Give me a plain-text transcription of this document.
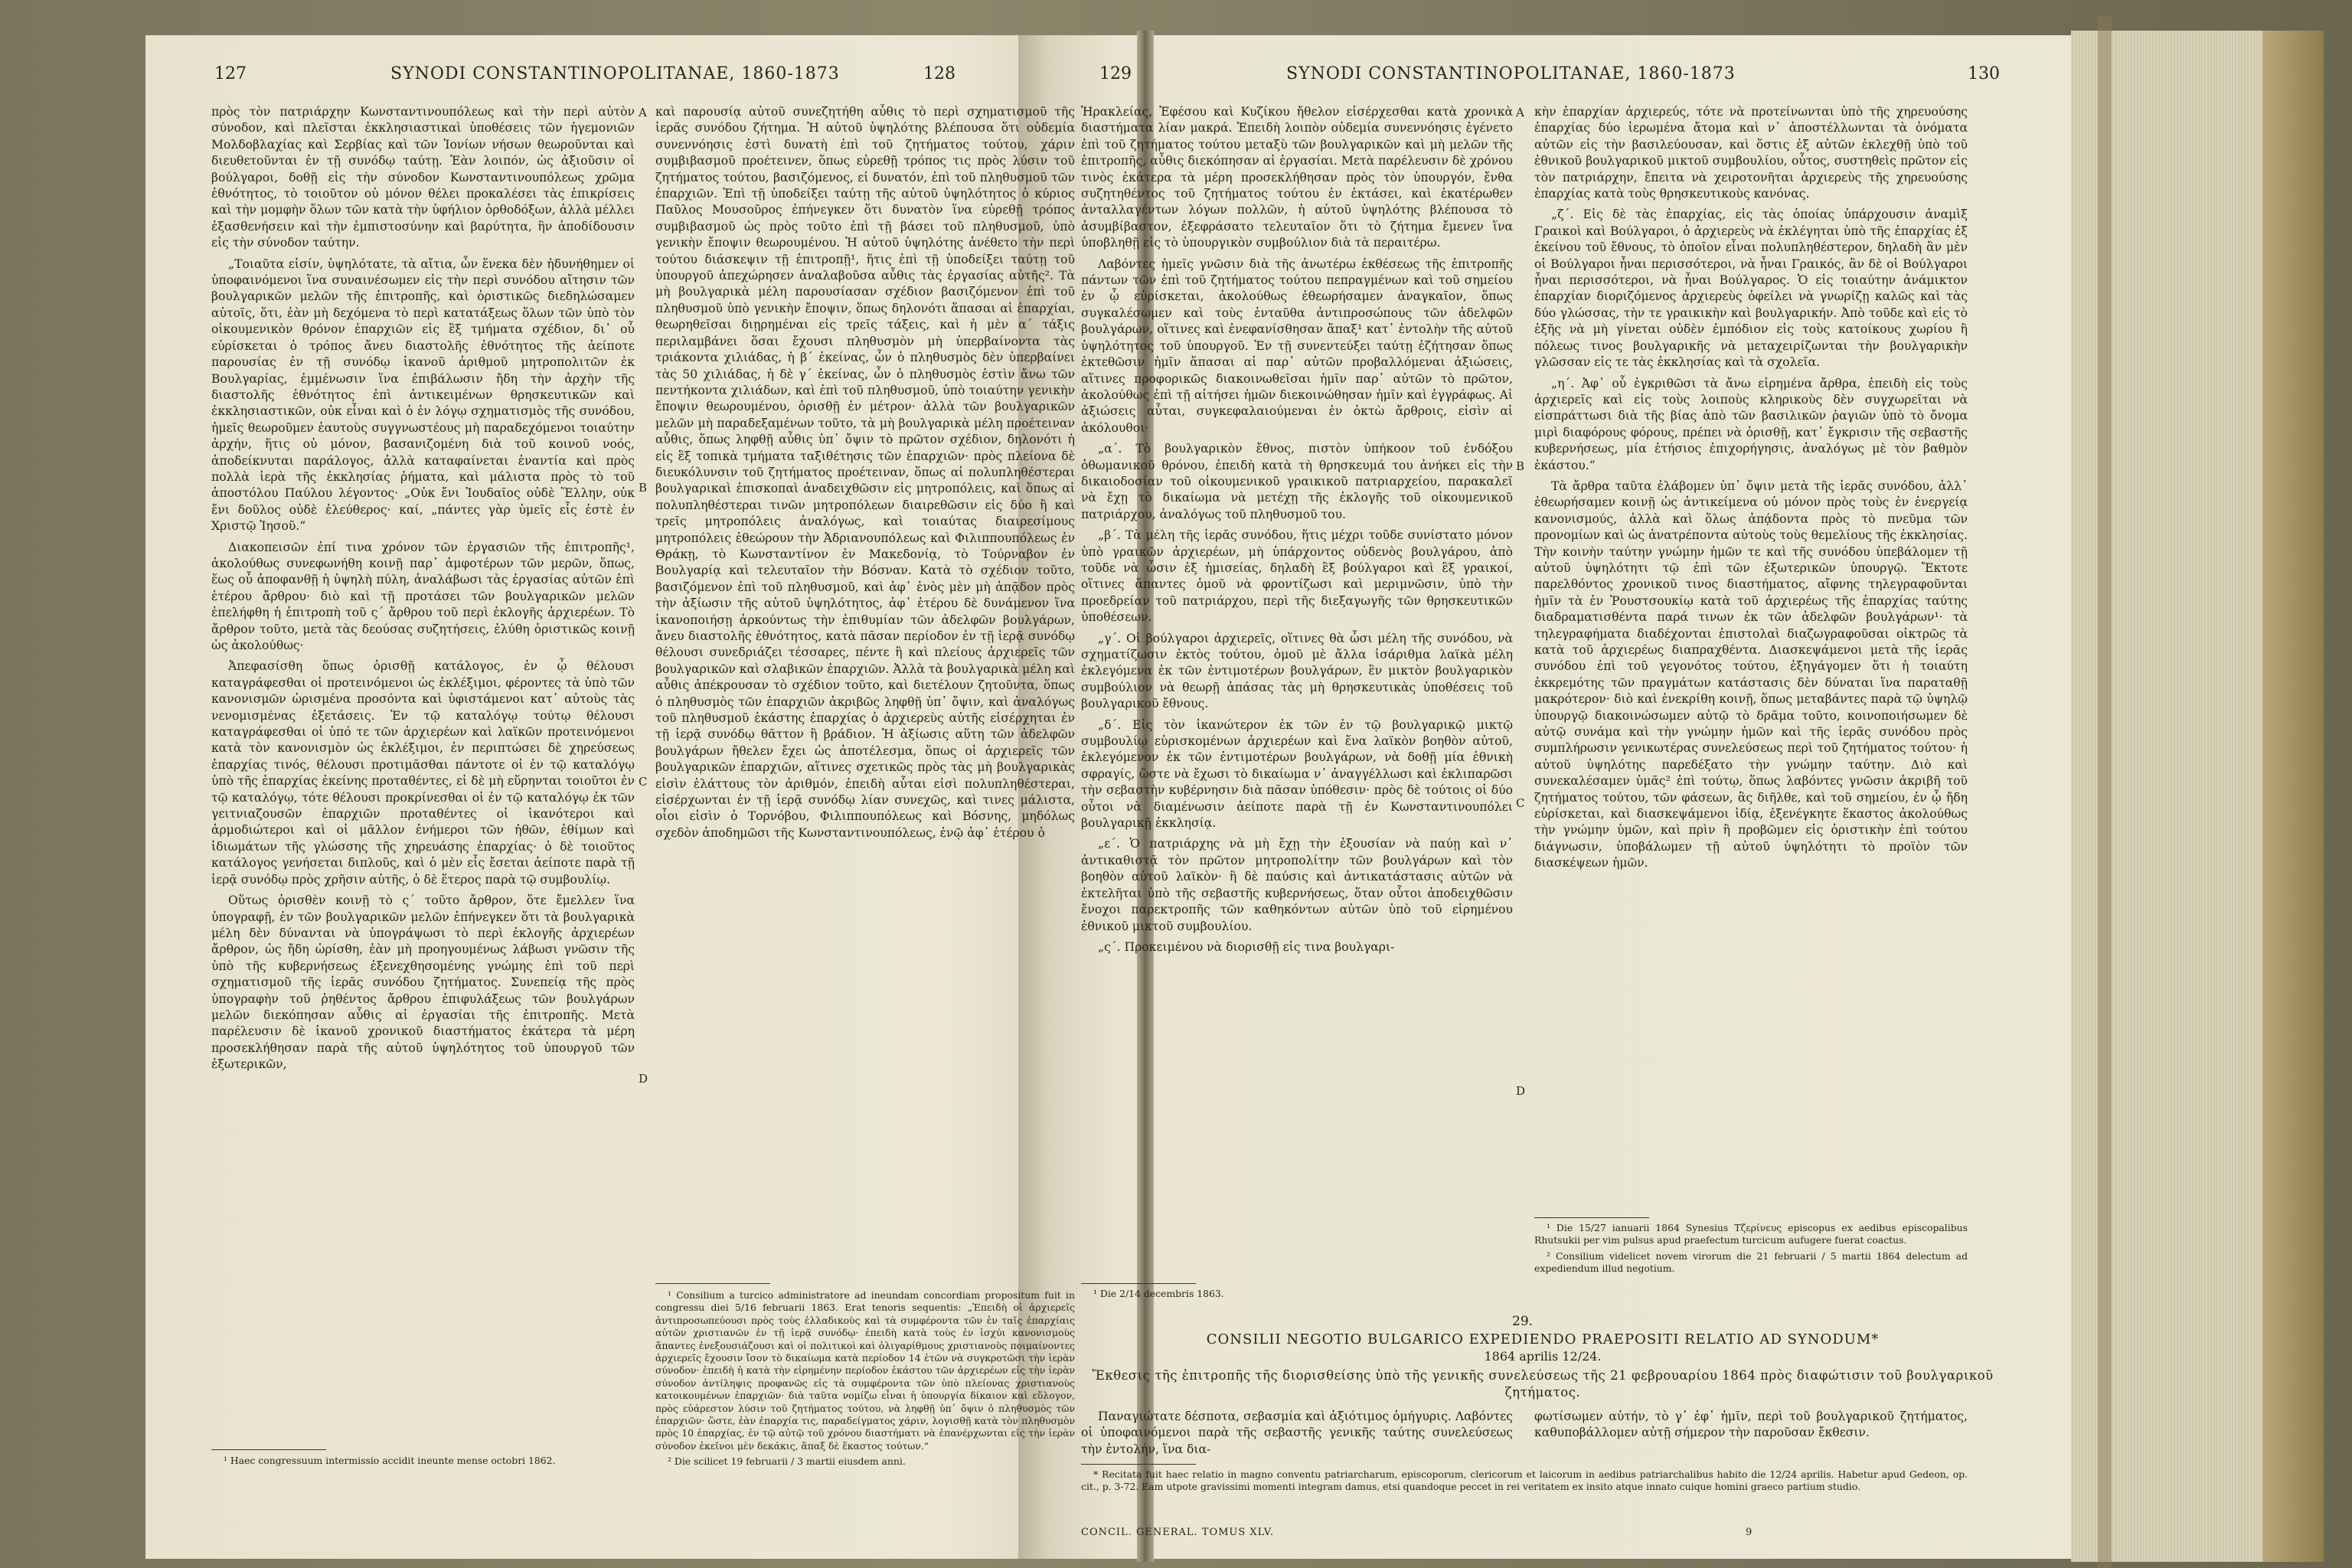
127	SYNODI CONSTANTINOPOLITANAE, 1860-1873	128

πρὸς τὸν πατριάρχην Κωνσταντινουπόλεως καὶ τὴν περὶ αὐτὸν σύνοδον, καὶ πλεῖσται ἐκκλησιαστικαὶ ὑποθέσεις τῶν ἡγεμονιῶν Μολδοβλαχίας καὶ Σερβίας καὶ τῶν Ἰονίων νήσων θεωροῦνται καὶ διευθετοῦνται ἐν τῇ συνόδῳ ταύτῃ. Ἐὰν λοιπόν, ὡς ἀξιοῦσιν οἱ βούλγαροι, δοθῇ εἰς τὴν σύνοδον Κωνσταντινουπόλεως χρῶμα ἐθνότητος, τὸ τοιοῦτον οὐ μόνον θέλει προκαλέσει τὰς ἐπικρίσεις καὶ τὴν μομφὴν ὅλων τῶν κατὰ τὴν ὑφήλιον ὀρθοδόξων, ἀλλὰ μέλλει ἐξασθενήσειν καὶ τὴν ἐμπιστοσύνην καὶ βαρύτητα, ἣν ἀποδίδουσιν εἰς τὴν σύνοδον ταύτην.

„Τοιαῦτα εἰσίν, ὑψηλότατε, τὰ αἴτια, ὧν ἕνεκα δὲν ἠδυνήθημεν οἱ ὑποφαινόμενοι ἵνα συναινέσωμεν εἰς τὴν περὶ συνόδου αἴτησιν τῶν βουλγαρικῶν μελῶν τῆς ἐπιτροπῆς, καὶ ὁριστικῶς διεδηλώσαμεν αὐτοῖς, ὅτι, ἐὰν μὴ δεχόμενα τὸ περὶ κατατάξεως ὅλων τῶν ὑπὸ τὸν οἰκουμενικὸν θρόνον ἐπαρχιῶν εἰς ἓξ τμήματα σχέδιον, δι᾿ οὗ εὑρίσκεται ὁ τρόπος ἄνευ διαστολῆς ἐθνότητος τῆς ἀείποτε παρουσίας ἐν τῇ συνόδῳ ἱκανοῦ ἀριθμοῦ μητροπολιτῶν ἐκ Βουλγαρίας, ἐμμένωσιν ἵνα ἐπιβάλωσιν ἤδη τὴν ἀρχὴν τῆς διαστολῆς ἐθνότητος ἐπὶ ἀντικειμένων θρησκευτικῶν καὶ ἐκκλησιαστικῶν, οὐκ εἶναι καὶ ὁ ἐν λόγῳ σχηματισμὸς τῆς συνόδου, ἡμεῖς θεωροῦμεν ἑαυτοὺς συγγνωστέους μὴ παραδεχόμενοι τοιαύτην ἀρχήν, ἥτις οὐ μόνον, βασανιζομένη διὰ τοῦ κοινοῦ νοός, ἀποδείκνυται παράλογος, ἀλλὰ καταφαίνεται ἐναντία καὶ πρὸς πολλὰ ἱερὰ τῆς ἐκκλησίας ῥήματα, καὶ μάλιστα πρὸς τὸ τοῦ ἀποστόλου Παύλου λέγοντος· „Οὐκ ἔνι Ἰουδαῖος οὐδὲ Ἕλλην, οὐκ ἔνι δοῦλος οὐδὲ ἐλεύθερος· καί, „πάντες γὰρ ὑμεῖς εἷς ἐστὲ ἐν Χριστῷ Ἰησοῦ.“

Διακοπεισῶν ἐπί τινα χρόνον τῶν ἐργασιῶν τῆς ἐπιτροπῆς¹, ἀκολούθως συνεφωνήθη κοινῇ παρ᾿ ἀμφοτέρων τῶν μερῶν, ὅπως, ἕως οὗ ἀποφανθῇ ἡ ὑψηλὴ πύλη, ἀναλάβωσι τὰς ἐργασίας αὐτῶν ἐπὶ ἑτέρου ἄρθρου· διὸ καὶ τῇ προτάσει τῶν βουλγαρικῶν μελῶν ἐπελήφθη ἡ ἐπιτροπὴ τοῦ ς΄ ἄρθρου τοῦ περὶ ἐκλογῆς ἀρχιερέων. Τὸ ἄρθρον τοῦτο, μετὰ τὰς δεούσας συζητήσεις, ἐλύθη ὁριστικῶς κοινῇ ὡς ἀκολούθως·

Ἀπεφασίσθη ὅπως ὁρισθῇ κατάλογος, ἐν ᾧ θέλουσι καταγράφεσθαι οἱ προτεινόμενοι ὡς ἐκλέξιμοι, φέροντες τὰ ὑπὸ τῶν κανονισμῶν ὡρισμένα προσόντα καὶ ὑφιστάμενοι κατ᾿ αὐτοὺς τὰς νενομισμένας ἐξετάσεις. Ἐν τῷ καταλόγῳ τούτῳ θέλουσι καταγράφεσθαι οἱ ὑπό τε τῶν ἀρχιερέων καὶ λαϊκῶν προτεινόμενοι κατὰ τὸν κανονισμὸν ὡς ἐκλέξιμοι, ἐν περιπτώσει δὲ χηρεύσεως ἐπαρχίας τινός, θέλουσι προτιμᾶσθαι πάντοτε οἱ ἐν τῷ καταλόγῳ ὑπὸ τῆς ἐπαρχίας ἐκείνης προταθέντες, εἰ δὲ μὴ εὕρηνται τοιοῦτοι ἐν τῷ καταλόγῳ, τότε θέλουσι προκρίνεσθαι οἱ ἐν τῷ καταλόγῳ ἐκ τῶν γειτνιαζουσῶν ἐπαρχιῶν προταθέντες οἱ ἱκανότεροι καὶ ἁρμοδιώτεροι καὶ οἱ μᾶλλον ἐνήμεροι τῶν ἠθῶν, ἐθίμων καὶ ἰδιωμάτων τῆς γλώσσης τῆς χηρευάσης ἐπαρχίας· ὁ δὲ τοιοῦτος κατάλογος γενήσεται διπλοῦς, καὶ ὁ μὲν εἷς ἔσεται ἀείποτε παρὰ τῇ ἱερᾷ συνόδῳ πρὸς χρῆσιν αὐτῆς, ὁ δὲ ἕτερος παρὰ τῷ συμβουλίῳ.

Οὕτως ὁρισθὲν κοινῇ τὸ ς΄ τοῦτο ἄρθρον, ὅτε ἔμελλεν ἵνα ὑπογραφῇ, ἐν τῶν βουλγαρικῶν μελῶν ἐπήνεγκεν ὅτι τὰ βουλγαρικὰ μέλη δὲν δύνανται νὰ ὑπογράψωσι τὸ περὶ ἐκλογῆς ἀρχιερέων ἄρθρον, ὡς ἤδη ὡρίσθη, ἐὰν μὴ προηγουμένως λάβωσι γνῶσιν τῆς ὑπὸ τῆς κυβερνήσεως ἐξενεχθησομένης γνώμης ἐπὶ τοῦ περὶ σχηματισμοῦ τῆς ἱερᾶς συνόδου ζητήματος. Συνεπείᾳ τῆς πρὸς ὑπογραφὴν τοῦ ῥηθέντος ἄρθρου ἐπιφυλάξεως τῶν βουλγάρων μελῶν διεκόπησαν αὖθις αἱ ἐργασίαι τῆς ἐπιτροπῆς. Μετὰ παρέλευσιν δὲ ἱκανοῦ χρονικοῦ διαστήματος ἑκάτερα τὰ μέρη προσεκλήθησαν παρὰ τῆς αὐτοῦ ὑψηλότητος τοῦ ὑπουργοῦ τῶν ἐξωτερικῶν,

¹ Haec congressuum intermissio accidit ineunte mense octobri 1862.

A
B
C
D

καὶ παρουσίᾳ αὐτοῦ συνεζητήθη αὖθις τὸ περὶ σχηματισμοῦ τῆς ἱερᾶς συνόδου ζήτημα. Ἡ αὐτοῦ ὑψηλότης βλέπουσα ὅτι οὐδεμία συνεννόησις ἐστὶ δυνατὴ ἐπὶ τοῦ ζητήματος τούτου, χάριν συμβιβασμοῦ προέτεινεν, ὅπως εὑρεθῇ τρόπος τις πρὸς λύσιν τοῦ ζητήματος τούτου, βασιζόμενος, εἰ δυνατόν, ἐπὶ τοῦ πληθυσμοῦ τῶν ἐπαρχιῶν. Ἐπὶ τῇ ὑποδείξει ταύτῃ τῆς αὐτοῦ ὑψηλότητος ὁ κύριος Παῦλος Μουσοῦρος ἐπήνεγκεν ὅτι δυνατὸν ἵνα εὑρεθῇ τρόπος συμβιβασμοῦ ὡς πρὸς τοῦτο ἐπὶ τῇ βάσει τοῦ πληθυσμοῦ, ὑπὸ γενικὴν ἔποψιν θεωρουμένου. Ἡ αὐτοῦ ὑψηλότης ἀνέθετο τὴν περὶ τούτου διάσκεψιν τῇ ἐπιτροπῇ¹, ἥτις ἐπὶ τῇ ὑποδείξει ταύτῃ τοῦ ὑπουργοῦ ἀπεχώρησεν ἀναλαβοῦσα αὖθις τὰς ἐργασίας αὐτῆς². Τὰ μὴ βουλγαρικὰ μέλη παρουσίασαν σχέδιον βασιζόμενον ἐπὶ τοῦ πληθυσμοῦ ὑπὸ γενικὴν ἔποψιν, ὅπως δηλονότι ἅπασαι αἱ ἐπαρχίαι, θεωρηθεῖσαι διῃρημέναι εἰς τρεῖς τάξεις, καὶ ἡ μὲν α΄ τάξις περιλαμβάνει ὅσαι ἔχουσι πληθυσμὸν μὴ ὑπερβαίνοντα τὰς τριάκοντα χιλιάδας, ἡ β΄ ἐκείνας, ὧν ὁ πληθυσμὸς δὲν ὑπερβαίνει τὰς 50 χιλιάδας, ἡ δὲ γ΄ ἐκείνας, ὧν ὁ πληθυσμὸς ἐστὶν ἄνω τῶν πεντήκοντα χιλιάδων, καὶ ἐπὶ τοῦ πληθυσμοῦ, ὑπὸ τοιαύτην γενικὴν ἔποψιν θεωρουμένου, ὁρισθῇ ἐν μέτρον· ἀλλὰ τῶν βουλγαρικῶν μελῶν μὴ παραδεξαμένων τοῦτο, τὰ μὴ βουλγαρικὰ μέλη προέτειναν αὖθις, ὅπως ληφθῇ αὖθις ὑπ᾿ ὄψιν τὸ πρῶτον σχέδιον, δηλονότι ἡ εἰς ἓξ τοπικὰ τμήματα ταξιθέτησις τῶν ἐπαρχιῶν· πρὸς πλείονα δὲ διευκόλυνσιν τοῦ ζητήματος προέτειναν, ὅπως αἱ πολυπληθέστεραι βουλγαρικαὶ ἐπισκοπαὶ ἀναδειχθῶσιν εἰς μητροπόλεις, καὶ ὅπως αἱ πολυπληθέστεραι τινῶν μητροπόλεων διαιρεθῶσιν εἰς δύο ἢ καὶ τρεῖς μητροπόλεις ἀναλόγως, καὶ τοιαύτας διαιρεσίμους μητροπόλεις ἐθεώρουν τὴν Ἀδριανουπόλεως καὶ Φιλιππουπόλεως ἐν Θράκῃ, τὸ Κωνσταντίνον ἐν Μακεδονίᾳ, τὸ Τούρναβον ἐν Βουλγαρίᾳ καὶ τελευταῖον τὴν Βόσναν. Κατὰ τὸ σχέδιον τοῦτο, βασιζόμενον ἐπὶ τοῦ πληθυσμοῦ, καὶ ἀφ᾿ ἑνὸς μὲν μὴ ἀπᾷδον πρὸς τὴν ἀξίωσιν τῆς αὐτοῦ ὑψηλότητος, ἀφ᾿ ἑτέρου δὲ δυνάμενον ἵνα ἱκανοποιήσῃ ἀρκούντως τὴν ἐπιθυμίαν τῶν ἀδελφῶν βουλγάρων, ἄνευ διαστολῆς ἐθνότητος, κατὰ πᾶσαν περίοδον ἐν τῇ ἱερᾷ συνόδῳ θέλουσι συνεδριάζει τέσσαρες, πέντε ἢ καὶ πλείους ἀρχιερεῖς τῶν βουλγαρικῶν καὶ σλαβικῶν ἐπαρχιῶν. Ἀλλὰ τὰ βουλγαρικὰ μέλη καὶ αὖθις ἀπέκρουσαν τὸ σχέδιον τοῦτο, καὶ διετέλουν ζητοῦντα, ὅπως ὁ πληθυσμὸς τῶν ἐπαρχιῶν ἀκριβῶς ληφθῇ ὑπ᾿ ὄψιν, καὶ ἀναλόγως τοῦ πληθυσμοῦ ἑκάστης ἐπαρχίας ὁ ἀρχιερεὺς αὐτῆς εἰσέρχηται ἐν τῇ ἱερᾷ συνόδῳ θᾶττον ἢ βράδιον. Ἡ ἀξίωσις αὕτη τῶν ἀδελφῶν βουλγάρων ἤθελεν ἔχει ὡς ἀποτέλεσμα, ὅπως οἱ ἀρχιερεῖς τῶν βουλγαρικῶν ἐπαρχιῶν, αἵτινες σχετικῶς πρὸς τὰς μὴ βουλγαρικὰς εἰσὶν ἐλάττους τὸν ἀριθμόν, ἐπειδὴ αὗται εἰσὶ πολυπληθέστεραι, εἰσέρχωνται ἐν τῇ ἱερᾷ συνόδῳ λίαν συνεχῶς, καὶ τινες μάλιστα, οἷοι εἰσὶν ὁ Τορνόβου, Φιλιππουπόλεως καὶ Βόσνης, μηδόλως σχεδὸν ἀποδημῶσι τῆς Κωνσταντινουπόλεως, ἐνῷ ἀφ᾿ ἑτέρου ὁ

¹ Consilium a turcico administratore ad ineundam concordiam propositum fuit in congressu diei 5/16 februarii 1863. Erat tenoris sequentis: „Ἐπειδὴ οἱ ἀρχιερεῖς ἀντιπροσωπεύουσι πρὸς τοὺς ἐλλαδικοὺς καὶ τὰ συμφέροντα τῶν ἐν ταῖς ἐπαρχίαις αὐτῶν χριστιανῶν ἐν τῇ ἱερᾷ συνόδῳ· ἐπειδὴ κατὰ τοὺς ἐν ἰσχύι κανονισμοὺς ἅπαντες ἐνεξουσιάζουσι καὶ οἱ πολιτικοὶ καὶ ὀλιγαρίθμους χριστιανοὺς ποιμαίνοντες ἀρχιερεῖς ἔχουσιν ἴσον τὸ δικαίωμα κατὰ περίοδον 14 ἐτῶν νὰ συγκροτῶσι τὴν ἱερὰν σύνοδον· ἐπειδὴ ἡ κατὰ τὴν εἰρημένην περίοδον ἑκάστου τῶν ἀρχιερέων εἰς τὴν ἱερὰν σύνοδον ἀντίληψις προφανῶς εἰς τὰ συμφέροντα τῶν ὑπὸ πλείονας χριστιανοὺς κατοικουμένων ἐπαρχιῶν· διὰ ταῦτα νομίζω εἶναι ἡ ὑπουργία δίκαιον καὶ εὔλογον, πρὸς εὐάρεστον λύσιν τοῦ ζητήματος τούτου, νὰ ληφθῇ ὑπ᾿ ὄψιν ὁ πληθυσμὸς τῶν ἐπαρχιῶν· ὥστε, ἐὰν ἐπαρχία τις, παραδείγματος χάριν, λογισθῇ κατὰ τὸν πληθυσμὸν πρὸς 10 ἐπαρχίας, ἐν τῷ αὐτῷ τοῦ χρόνου διαστήματι νὰ ἐπανέρχωνται εἰς τὴν ἱερὰν σύνοδον ἐκεῖνοι μὲν δεκάκις, ἅπαξ δὲ ἕκαστος τούτων.“

² Die scilicet 19 februarii / 3 martii eiusdem anni.

129	SYNODI CONSTANTINOPOLITANAE, 1860-1873	130

Ἡρακλείας, Ἐφέσου καὶ Κυζίκου ἤθελον εἰσέρχεσθαι κατὰ χρονικὰ διαστήματα λίαν μακρά. Ἐπειδὴ λοιπὸν οὐδεμία συνεννόησις ἐγένετο ἐπὶ τοῦ ζητήματος τούτου μεταξὺ τῶν βουλγαρικῶν καὶ μὴ μελῶν τῆς ἐπιτροπῆς, αὖθις διεκόπησαν αἱ ἐργασίαι. Μετὰ παρέλευσιν δὲ χρόνου τινὸς ἑκάτερα τὰ μέρη προσεκλήθησαν πρὸς τὸν ὑπουργόν, ἔνθα συζητηθέντος τοῦ ζητήματος τούτου ἐν ἐκτάσει, καὶ ἑκατέρωθεν ἀνταλλαγέντων λόγων πολλῶν, ἡ αὐτοῦ ὑψηλότης βλέπουσα τὸ ἀσυμβίβαστον, ἐξεφράσατο τελευταῖον ὅτι τὸ ζήτημα ἔμενεν ἵνα ὑποβληθῇ εἰς τὸ ὑπουργικὸν συμβούλιον διὰ τὰ περαιτέρω.

Λαβόντες ἡμεῖς γνῶσιν διὰ τῆς ἀνωτέρω ἐκθέσεως τῆς ἐπιτροπῆς πάντων τῶν ἐπὶ τοῦ ζητήματος τούτου πεπραγμένων καὶ τοῦ σημείου ἐν ᾧ εὑρίσκεται, ἀκολούθως ἐθεωρήσαμεν ἀναγκαῖον, ὅπως συγκαλέσωμεν καὶ τοὺς ἐνταῦθα ἀντιπροσώπους τῶν ἀδελφῶν βουλγάρων, οἵτινες καὶ ἐνεφανίσθησαν ἅπαξ¹ κατ᾿ ἐντολὴν τῆς αὐτοῦ ὑψηλότητος τοῦ ὑπουργοῦ. Ἐν τῇ συνεντεύξει ταύτῃ ἐζήτησαν ὅπως ἐκτεθῶσιν ἡμῖν ἅπασαι αἱ παρ᾿ αὐτῶν προβαλλόμεναι ἀξιώσεις, αἵτινες προφορικῶς διακοινωθεῖσαι ἡμῖν παρ᾿ αὐτῶν τὸ πρῶτον, ἀκολούθως ἐπὶ τῇ αἰτήσει ἡμῶν διεκοινώθησαν ἡμῖν καὶ ἐγγράφως. Αἱ ἀξιώσεις αὗται, συγκεφαλαιούμεναι ἐν ὀκτὼ ἄρθροις, εἰσὶν αἱ ἀκόλουθοι·

„α΄. Τὸ βουλγαρικὸν ἔθνος, πιστὸν ὑπήκοον τοῦ ἐνδόξου ὀθωμανικοῦ θρόνου, ἐπειδὴ κατὰ τὴ θρησκευμά του ἀνήκει εἰς τὴν δικαιοδοσίαν τοῦ οἰκουμενικοῦ γραικικοῦ πατριαρχείου, παρακαλεῖ νὰ ἔχῃ τὸ δικαίωμα νὰ μετέχῃ τῆς ἐκλογῆς τοῦ οἰκουμενικοῦ πατριάρχου, ἀναλόγως τοῦ πληθυσμοῦ του.

„β΄. Τὰ μέλη τῆς ἱερᾶς συνόδου, ἥτις μέχρι τοῦδε συνίστατο μόνον ὑπὸ γραικῶν ἀρχιερέων, μὴ ὑπάρχοντος οὐδενὸς βουλγάρου, ἀπὸ τοῦδε νὰ ὦσιν ἐξ ἡμισείας, δηλαδὴ ἓξ βούλγαροι καὶ ἓξ γραικοί, οἵτινες ἅπαντες ὁμοῦ νὰ φροντίζωσι καὶ μεριμνῶσιν, ὑπὸ τὴν προεδρείαν τοῦ πατριάρχου, περὶ τῆς διεξαγωγῆς τῶν θρησκευτικῶν ὑποθέσεων.

„γ΄. Οἱ βούλγαροι ἀρχιερεῖς, οἵτινες θὰ ὦσι μέλη τῆς συνόδου, νὰ σχηματίζωσιν ἐκτὸς τούτου, ὁμοῦ μὲ ἄλλα ἰσάριθμα λαϊκὰ μέλη ἐκλεγόμενα ἐκ τῶν ἐντιμοτέρων βουλγάρων, ἓν μικτὸν βουλγαρικὸν συμβούλιον νὰ θεωρῇ ἁπάσας τὰς μὴ θρησκευτικὰς ὑποθέσεις τοῦ βουλγαρικοῦ ἔθνους.

„δ΄. Εἰς τὸν ἱκανώτερον ἐκ τῶν ἐν τῷ βουλγαρικῷ μικτῷ συμβουλίῳ εὑρισκομένων ἀρχιερέων καὶ ἕνα λαϊκὸν βοηθὸν αὐτοῦ, ἐκλεγόμενον ἐκ τῶν ἐντιμοτέρων βουλγάρων, νὰ δοθῇ μία ἐθνικὴ σφραγίς, ὥστε νὰ ἔχωσι τὸ δικαίωμα ν᾿ ἀναγγέλλωσι καὶ ἐκλιπαρῶσι τὴν σεβαστὴν κυβέρνησιν διὰ πᾶσαν ὑπόθεσιν· πρὸς δὲ τούτοις οἱ δύο οὗτοι νὰ διαμένωσιν ἀείποτε παρὰ τῇ ἐν Κωνσταντινουπόλει βουλγαρικῇ ἐκκλησίᾳ.

„ε΄. Ὁ πατριάρχης νὰ μὴ ἔχῃ τὴν ἐξουσίαν νὰ παύῃ καὶ ν᾿ ἀντικαθιστᾷ τὸν πρῶτον μητροπολίτην τῶν βουλγάρων καὶ τὸν βοηθὸν αὐτοῦ λαϊκὸν· ἢ δὲ παύσις καὶ ἀντικατάστασις αὐτῶν νὰ ἐκτελῆται ὑπὸ τῆς σεβαστῆς κυβερνήσεως, ὅταν οὗτοι ἀποδειχθῶσιν ἔνοχοι παρεκτροπῆς τῶν καθηκόντων αὐτῶν ὑπὸ τοῦ εἰρημένου ἐθνικοῦ μικτοῦ συμβουλίου.

„ς΄. Προκειμένου νὰ διορισθῇ εἰς τινα βουλγαρι-

¹ Die 2/14 decembris 1863.

A
B
C
D

κὴν ἐπαρχίαν ἀρχιερεύς, τότε νὰ προτείνωνται ὑπὸ τῆς χηρευούσης ἐπαρχίας δύο ἱερωμένα ἄτομα καὶ ν᾿ ἀποστέλλωνται τὰ ὀνόματα αὐτῶν εἰς τὴν βασιλεύουσαν, καὶ ὅστις ἐξ αὐτῶν ἐκλεχθῇ ὑπὸ τοῦ ἐθνικοῦ βουλγαρικοῦ μικτοῦ συμβουλίου, οὗτος, συστηθεὶς πρῶτον εἰς τὸν πατριάρχην, ἔπειτα νὰ χειροτονῆται ἀρχιερεὺς τῆς χηρευούσης ἐπαρχίας κατὰ τοὺς θρησκευτικοὺς κανόνας.

„ζ΄. Εἰς δὲ τὰς ἐπαρχίας, εἰς τὰς ὁποίας ὑπάρχουσιν ἀναμὶξ Γραικοὶ καὶ Βούλγαροι, ὁ ἀρχιερεὺς νὰ ἐκλέγηται ὑπὸ τῆς ἐπαρχίας ἐξ ἐκείνου τοῦ ἔθνους, τὸ ὁποῖον εἶναι πολυπληθέστερον, δηλαδὴ ἂν μὲν οἱ Βούλγαροι ἦναι περισσότεροι, νὰ ἦναι Γραικός, ἂν δὲ οἱ Βούλγαροι ἦναι περισσότεροι, νὰ ἦναι Βούλγαρος. Ὁ εἰς τοιαύτην ἀνάμικτον ἐπαρχίαν διοριζόμενος ἀρχιερεὺς ὀφείλει νὰ γνωρίζῃ καλῶς καὶ τὰς δύο γλώσσας, τὴν τε γραικικὴν καὶ βουλγαρικήν. Ἀπὸ τοῦδε καὶ εἰς τὸ ἑξῆς νὰ μὴ γίνεται οὐδὲν ἐμπόδιον εἰς τοὺς κατοίκους χωρίου ἢ πόλεως τινος βουλγαρικῆς νὰ μεταχειρίζωνται τὴν βουλγαρικὴν γλῶσσαν εἰς τε τὰς ἐκκλησίας καὶ τὰ σχολεῖα.

„η΄. Ἀφ᾿ οὗ ἐγκριθῶσι τὰ ἄνω εἰρημένα ἄρθρα, ἐπειδὴ εἰς τοὺς ἀρχιερεῖς καὶ εἰς τοὺς λοιποὺς κληρικοὺς δὲν συγχωρεῖται νὰ εἰσπράττωσι διὰ τῆς βίας ἀπὸ τῶν βασιλικῶν ῥαγιῶν ὑπὸ τὸ ὄνομα μιρὶ διαφόρους φόρους, πρέπει νὰ ὁρισθῇ, κατ᾿ ἔγκρισιν τῆς σεβαστῆς κυβερνήσεως, μία ἐτήσιος ἐπιχορήγησις, ἀναλόγως μὲ τὸν βαθμὸν ἑκάστου.“

Τὰ ἄρθρα ταῦτα ἐλάβομεν ὑπ᾿ ὄψιν μετὰ τῆς ἱερᾶς συνόδου, ἀλλ᾿ ἐθεωρήσαμεν κοινῇ ὡς ἀντικείμενα οὐ μόνον πρὸς τοὺς ἐν ἐνεργείᾳ κανονισμούς, ἀλλὰ καὶ ὅλως ἀπᾴδοντα πρὸς τὸ πνεῦμα τῶν προνομίων καὶ ὡς ἀνατρέποντα αὐτοὺς τοὺς θεμελίους τῆς ἐκκλησίας. Τὴν κοινὴν ταύτην γνώμην ἡμῶν τε καὶ τῆς συνόδου ὑπεβάλομεν τῇ αὐτοῦ ὑψηλότητι τῷ ἐπὶ τῶν ἐξωτερικῶν ὑπουργῷ. Ἔκτοτε παρελθόντος χρονικοῦ τινος διαστήματος, αἴφνης τηλεγραφοῦνται ἡμῖν τὰ ἐν Ῥουστσουκίῳ κατὰ τοῦ ἀρχιερέως τῆς ἐπαρχίας ταύτης διαδραματισθέντα παρά τινων ἐκ τῶν ἀδελφῶν βουλγάρων¹· τὰ τηλεγραφήματα διαδέχονται ἐπιστολαὶ διαζωγραφοῦσαι οἰκτρῶς τὰ κατὰ τοῦ ἀρχιερέως διαπραχθέντα. Διασκεψάμενοι μετὰ τῆς ἱερᾶς συνόδου ἐπὶ τοῦ γεγονότος τούτου, ἐξηγάγομεν ὅτι ἡ τοιαύτη ἐκκρεμότης τῶν πραγμάτων κατάστασις δὲν δύναται ἵνα παραταθῇ μακρότερον· διὸ καὶ ἐνεκρίθη κοινῇ, ὅπως μεταβάντες παρὰ τῷ ὑψηλῷ ὑπουργῷ διακοινώσωμεν αὐτῷ τὸ δρᾶμα τοῦτο, κοινοποιήσωμεν δὲ αὐτῷ συνάμα καὶ τὴν γνώμην ἡμῶν καὶ τῆς ἱερᾶς συνόδου πρὸς συμπλήρωσιν γενικωτέρας συνελεύσεως περὶ τοῦ ζητήματος τούτου· ἡ αὐτοῦ ὑψηλότης παρεδέξατο τὴν γνώμην ταύτην. Διὸ καὶ συνεκαλέσαμεν ὑμᾶς² ἐπὶ τούτῳ, ὅπως λαβόντες γνῶσιν ἀκριβῆ τοῦ ζητήματος τούτου, τῶν φάσεων, ἃς διῆλθε, καὶ τοῦ σημείου, ἐν ᾧ ἤδη εὑρίσκεται, καὶ διασκεψάμενοι ἰδίᾳ, ἐξενέγκητε ἕκαστος ἀκολούθως τὴν γνώμην ὑμῶν, καὶ πρὶν ἢ προβῶμεν εἰς ὁριστικὴν ἐπὶ τούτου διάγνωσιν, ὑποβάλωμεν τῇ αὐτοῦ ὑψηλότητι τὸ προϊὸν τῶν διασκέψεων ἡμῶν.

¹ Die 15/27 ianuarii 1864 Synesius Τζερίνευς episcopus ex aedibus episcopalibus Rhutsukii per vim pulsus apud praefectum turcicum aufugere fuerat coactus.

² Consilium videlicet novem virorum die 21 februarii / 5 martii 1864 delectum ad expediendum illud negotium.

29.
CONSILII NEGOTIO BULGARICO EXPEDIENDO PRAEPOSITI RELATIO AD SYNODUM*
1864 aprilis 12/24.
Ἔκθεσις τῆς ἐπιτροπῆς τῆς διορισθείσης ὑπὸ τῆς γενικῆς συνελεύσεως τῆς 21 φεβρουαρίου 1864 πρὸς διαφώτισιν τοῦ βουλγαρικοῦ ζητήματος.

Παναγιώτατε δέσποτα, σεβασμία καὶ ἀξιότιμος ὁμήγυρις. Λαβόντες οἱ ὑποφαινόμενοι παρὰ τῆς σεβαστῆς γενικῆς ταύτης συνελεύσεως τὴν ἐντολήν, ἵνα δια-

φωτίσωμεν αὐτήν, τὸ γ᾿ ἐφ᾿ ἡμῖν, περὶ τοῦ βουλγαρικοῦ ζητήματος, καθυποβάλλομεν αὐτῇ σήμερον τὴν παροῦσαν ἔκθεσιν.

* Recitata fuit haec relatio in magno conventu patriarcharum, episcoporum, clericorum et laicorum in aedibus patriarchalibus habito die 12/24 aprilis. Habetur apud Gedeon, op. cit., p. 3-72. Eam utpote gravissimi momenti integram damus, etsi quandoque peccet in rei veritatem ex insito atque innato cuique homini graeco partium studio.

CONCIL. GENERAL. TOMUS XLV.	9
